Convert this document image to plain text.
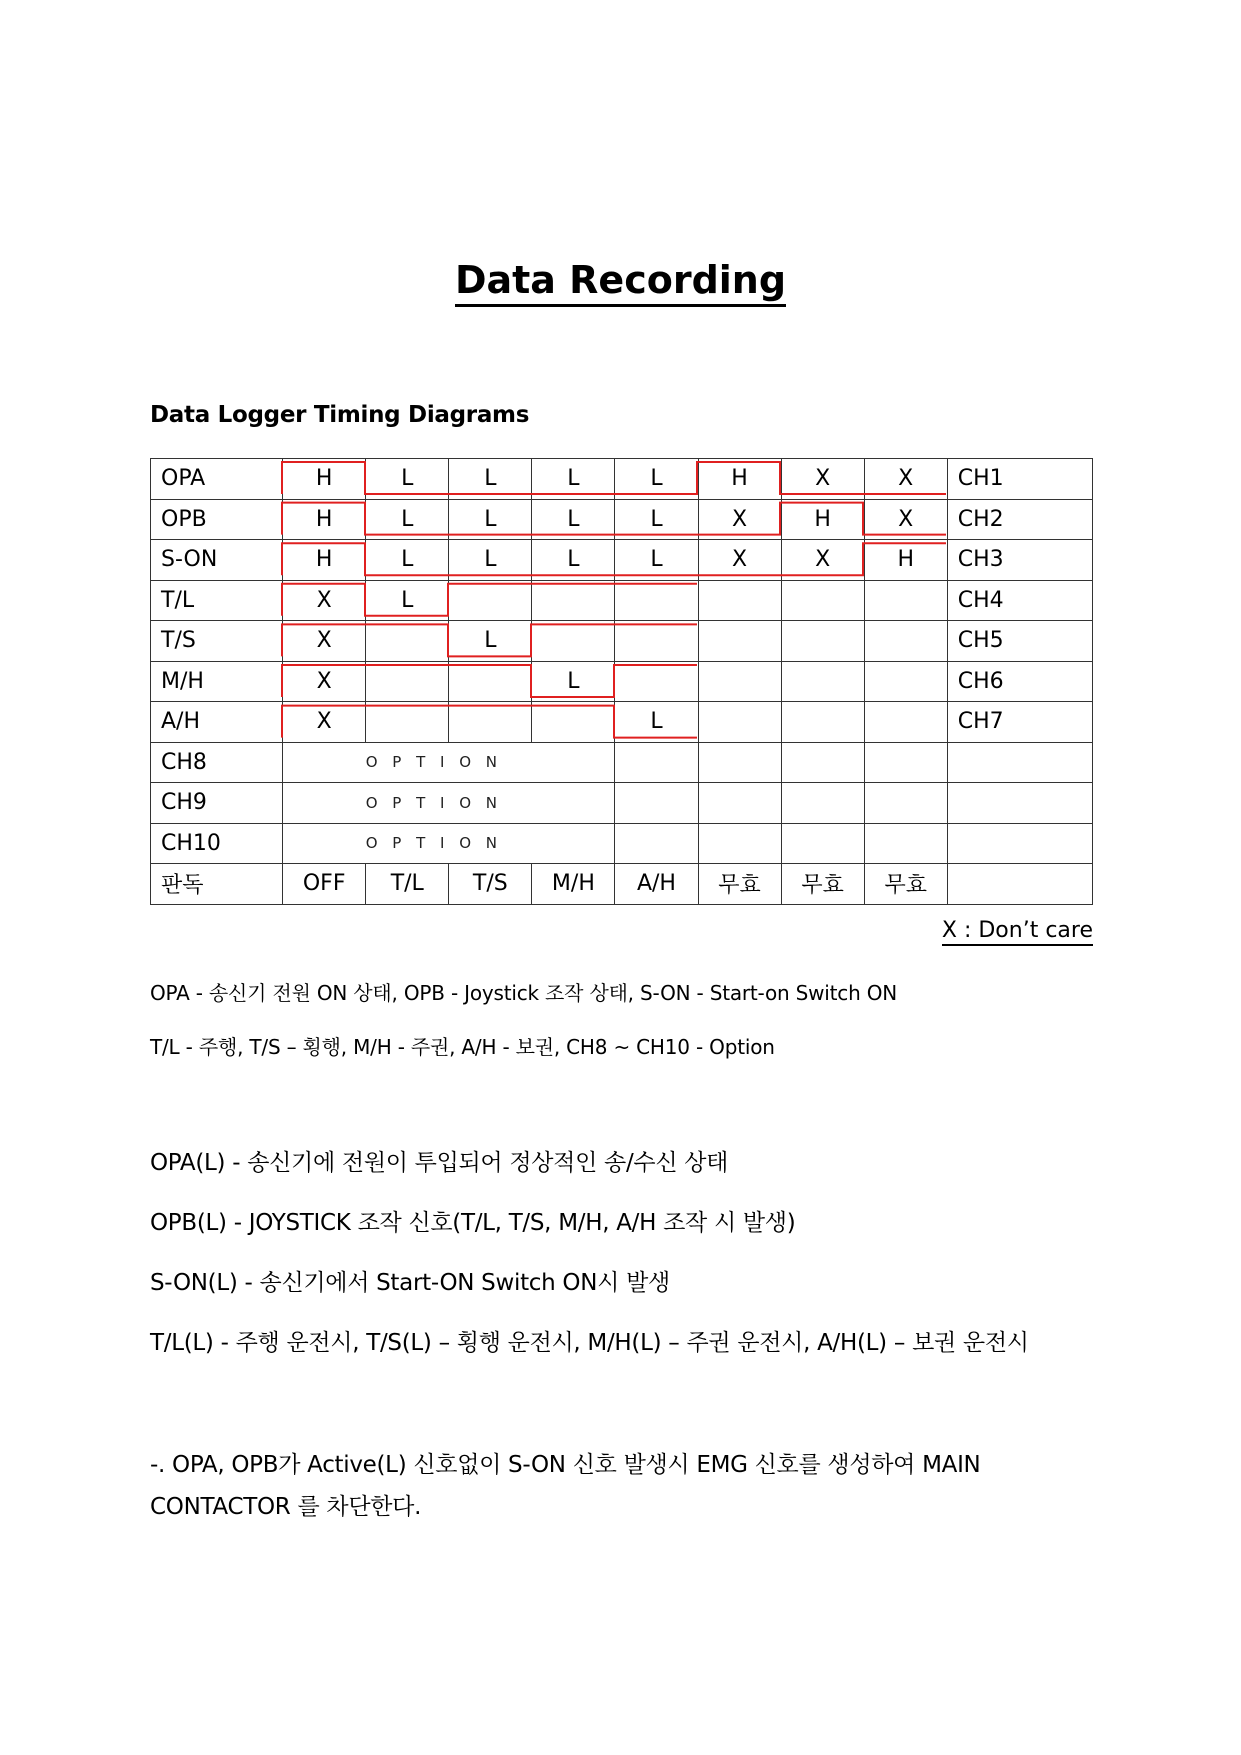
Data Recording
Data Logger Timing Diagrams
OPA	H	L	L	L	L	H	X	X	CH1
OPB	H	L	L	L	L	X	H	X	CH2
S-ON	H	L	L	L	L	X	X	H	CH3
T/L	X	L							CH4
T/S	X		L						CH5
M/H	X			L					CH6
A/H	X				L				CH7
CH8		O P T I O N							
CH9		O P T I O N							
CH10		O P T I O N							
판독	OFF	T/L	T/S	M/H	A/H	무효	무효	무효	
X : Don’t care
OPA - 송신기 전원 ON 상태, OPB - Joystick 조작 상태, S-ON - Start-on Switch ON
T/L - 주행, T/S – 횡행, M/H - 주권, A/H - 보권, CH8 ~ CH10 - Option
OPA(L) - 송신기에 전원이 투입되어 정상적인 송/수신 상태
OPB(L) - JOYSTICK 조작 신호(T/L, T/S, M/H, A/H 조작 시 발생)
S-ON(L) - 송신기에서 Start-ON Switch ON시 발생
T/L(L) - 주행 운전시, T/S(L) – 횡행 운전시, M/H(L) – 주권 운전시, A/H(L) – 보권 운전시
-. OPA, OPB가 Active(L) 신호없이 S-ON 신호 발생시 EMG 신호를 생성하여 MAIN CONTACTOR 를 차단한다.
